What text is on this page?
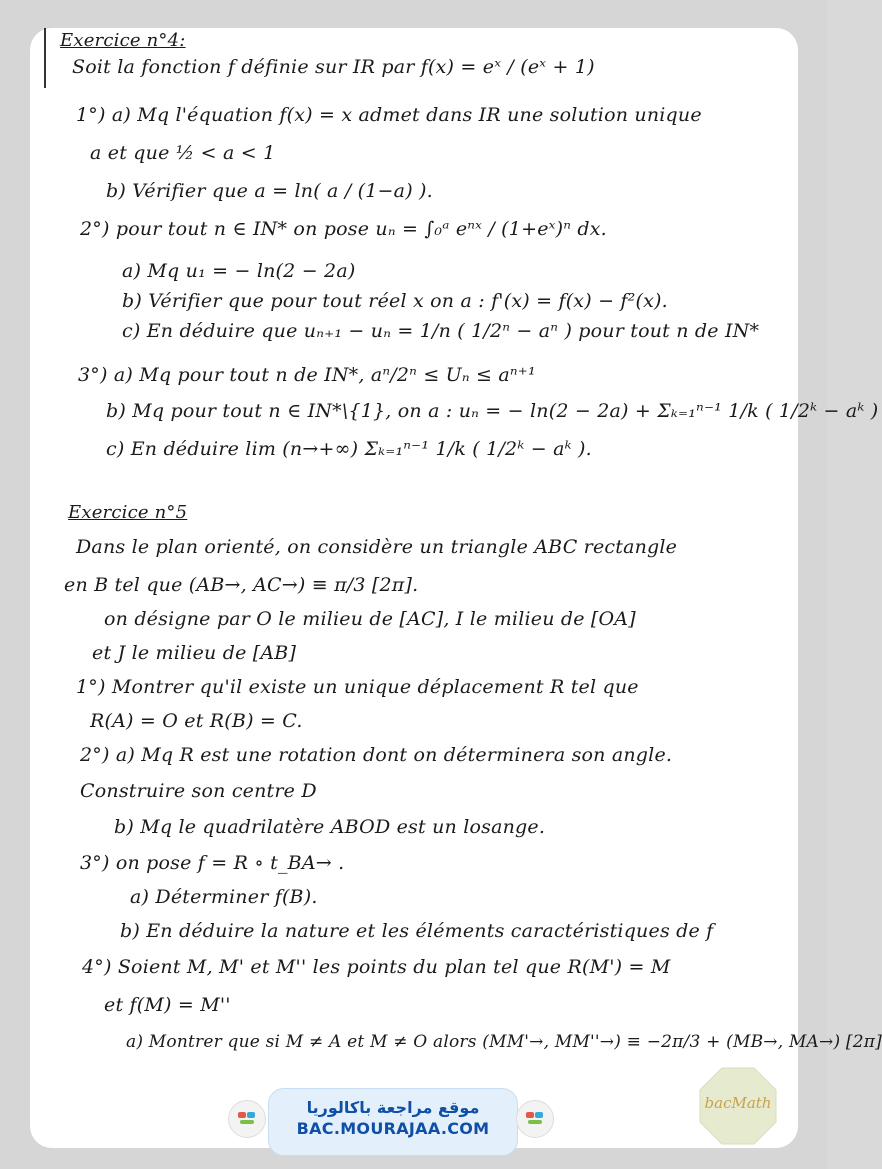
Exercice n°4:
Soit la fonction f définie sur IR par f(x) = eˣ / (eˣ + 1)
1°) a) Mq l'équation f(x) = x admet dans IR une solution unique
a et que ½ < a < 1
b) Vérifier que a = ln( a / (1−a) ).
2°) pour tout n ∈ IN* on pose uₙ = ∫₀ᵃ eⁿˣ / (1+eˣ)ⁿ dx.
a) Mq u₁ = − ln(2 − 2a)
b) Vérifier que pour tout réel x on a : f'(x) = f(x) − f²(x).
c) En déduire que uₙ₊₁ − uₙ = 1/n ( 1/2ⁿ − aⁿ ) pour tout n de IN*
3°) a) Mq pour tout n de IN*, aⁿ/2ⁿ ≤ Uₙ ≤ aⁿ⁺¹
b) Mq pour tout n ∈ IN*\{1}, on a : uₙ = − ln(2 − 2a) + Σₖ₌₁ⁿ⁻¹ 1/k ( 1/2ᵏ − aᵏ )
c) En déduire lim (n→+∞) Σₖ₌₁ⁿ⁻¹ 1/k ( 1/2ᵏ − aᵏ ).
Exercice n°5
Dans le plan orienté, on considère un triangle ABC rectangle
en B tel que (AB→, AC→) ≡ π/3 [2π].
on désigne par O le milieu de [AC], I le milieu de [OA]
et J le milieu de [AB]
1°) Montrer qu'il existe un unique déplacement R tel que
R(A) = O et R(B) = C.
2°) a) Mq R est une rotation dont on déterminera son angle.
Construire son centre D
b) Mq le quadrilatère ABOD est un losange.
3°) on pose f = R ∘ t_BA→ .
a) Déterminer f(B).
b) En déduire la nature et les éléments caractéristiques de f
4°) Soient M, M' et M'' les points du plan tel que R(M') = M
et f(M) = M''
a) Montrer que si M ≠ A et M ≠ O alors (MM'→, MM''→) ≡ −2π/3 + (MB→, MA→) [2π]
موقع مراجعة باكالوريا
BAC.MOURAJAA.COM
bacMath
